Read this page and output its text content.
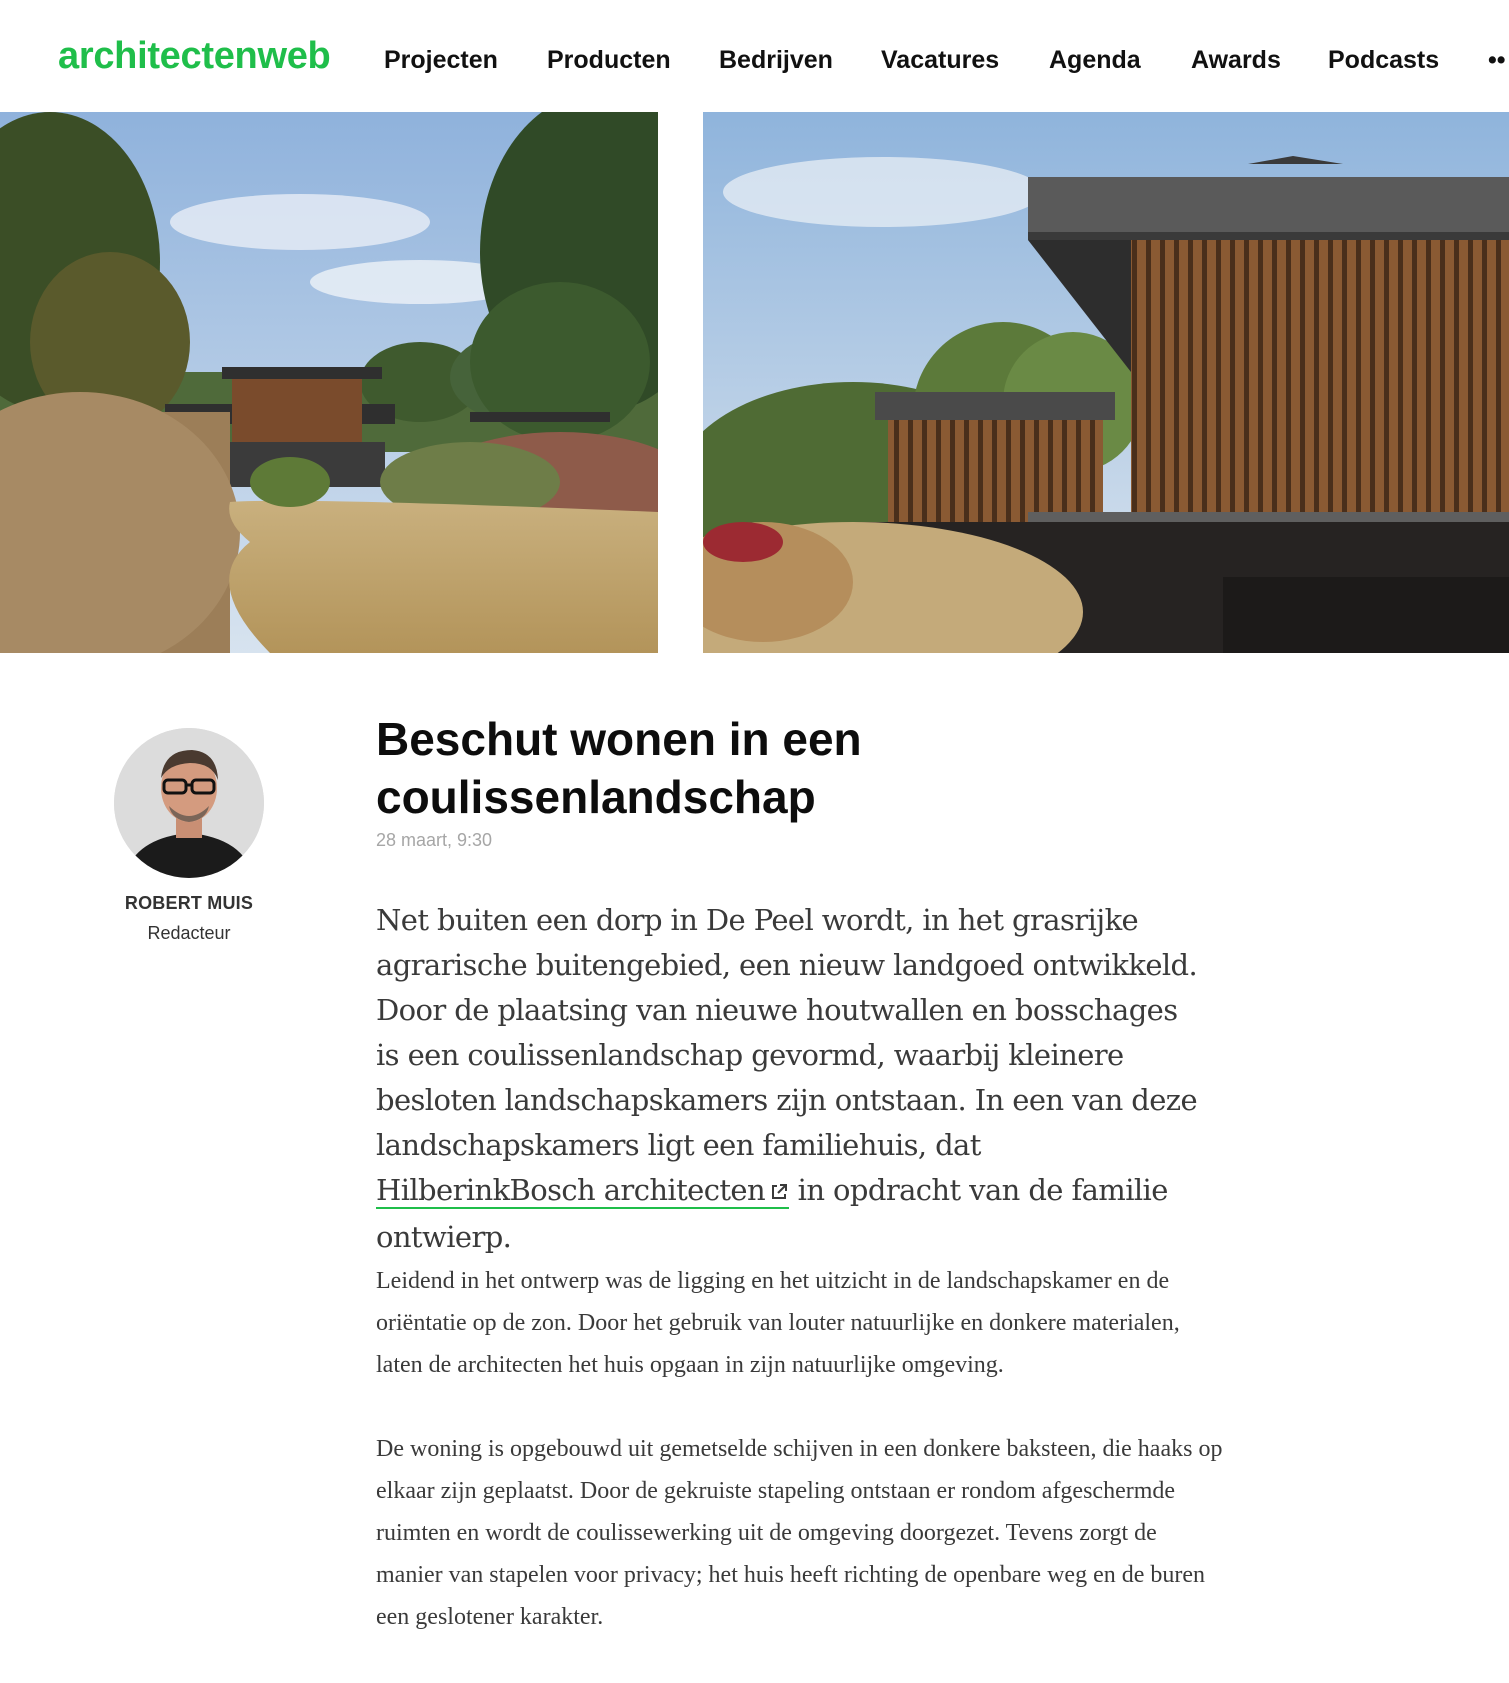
architectenweb Projecten Producten Bedrijven Vacatures Agenda Awards Podcasts ••
ROBERT MUIS
Redacteur
Beschut wonen in een
coulissenlandschap
28 maart, 9:30

Net buiten een dorp in De Peel wordt, in het grasrijke agrarische buitengebied, een nieuw landgoed ontwikkeld. Door de plaatsing van nieuwe houtwallen en bosschages is een coulissenlandschap gevormd, waarbij kleinere besloten landschapskamers zijn ontstaan. In een van deze landschapskamers ligt een familiehuis, dat HilberinkBosch architecten in opdracht van de familie ontwierp.

Leidend in het ontwerp was de ligging en het uitzicht in de landschapskamer en de oriëntatie op de zon. Door het gebruik van louter natuurlijke en donkere materialen, laten de architecten het huis opgaan in zijn natuurlijke omgeving.

De woning is opgebouwd uit gemetselde schijven in een donkere baksteen, die haaks op elkaar zijn geplaatst. Door de gekruiste stapeling ontstaan er rondom afgeschermde ruimten en wordt de coulissewerking uit de omgeving doorgezet. Tevens zorgt de manier van stapelen voor privacy; het huis heeft richting de openbare weg en de buren een geslotener karakter.
